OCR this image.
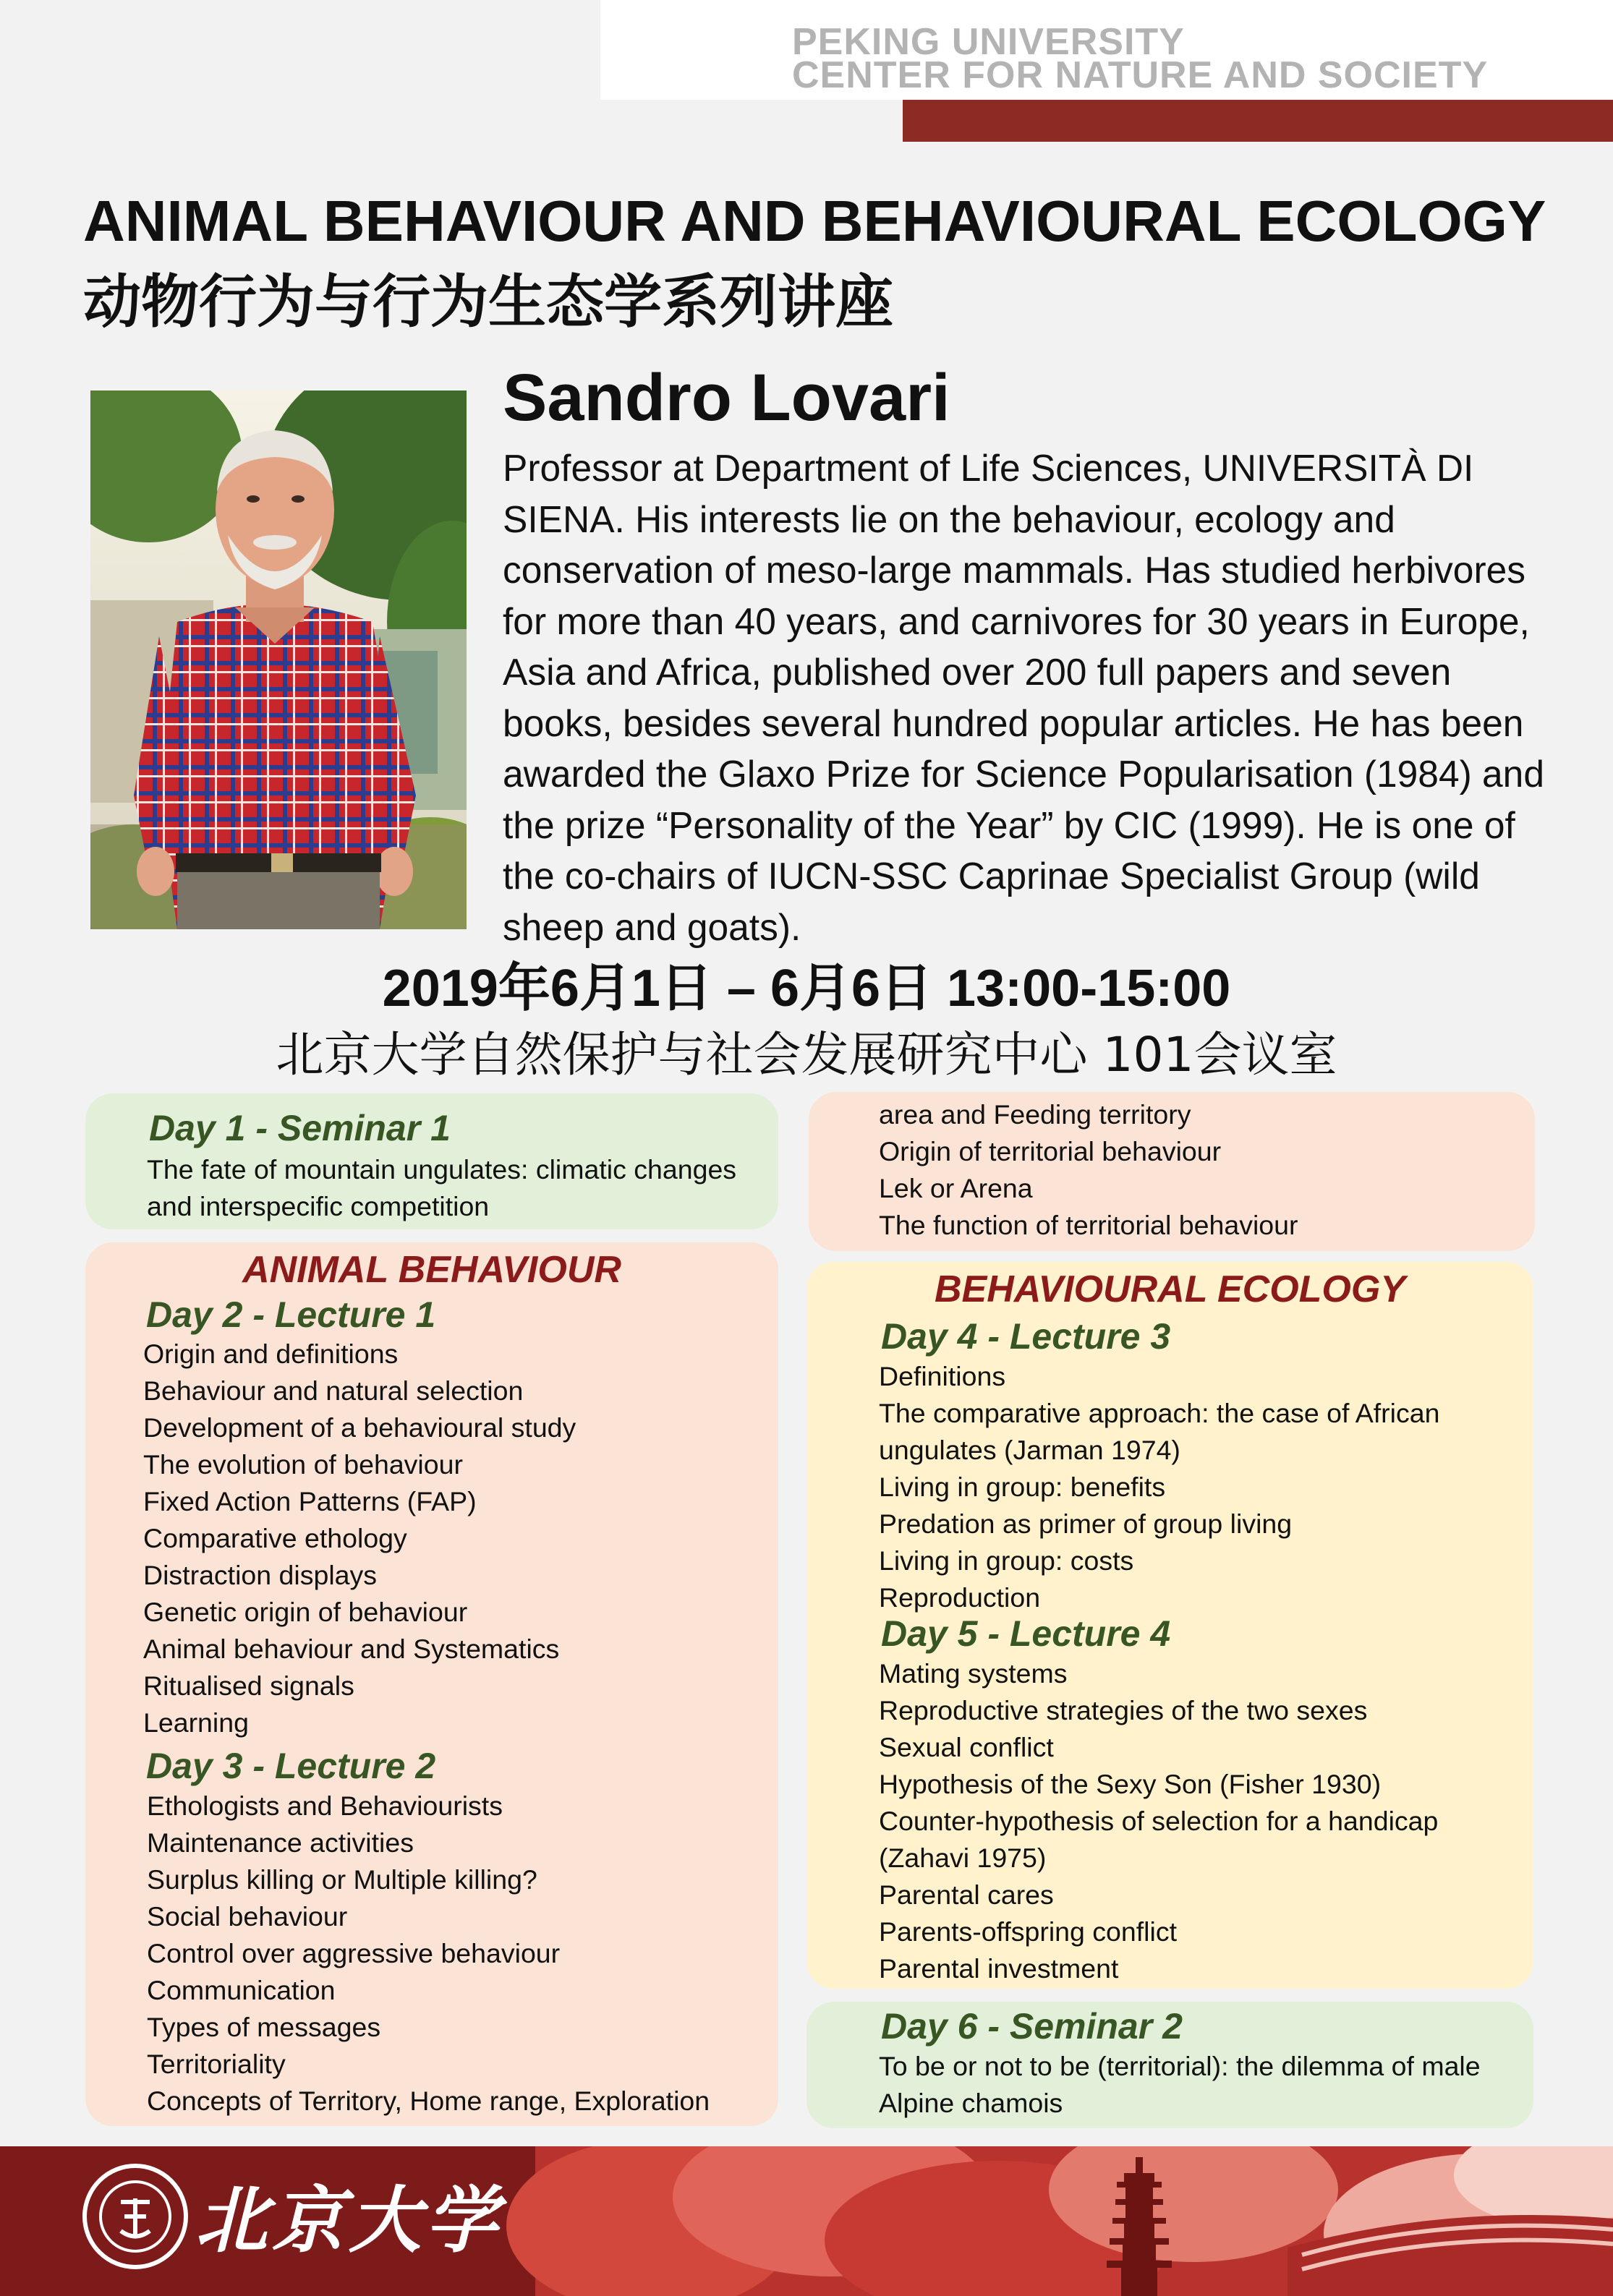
PEKING UNIVERSITY
CENTER FOR NATURE AND SOCIETY
ANIMAL BEHAVIOUR AND BEHAVIOURAL ECOLOGY
动物行为与行为生态学系列讲座
Sandro Lovari
Professor at Department of Life Sciences, UNIVERSITÀ DI SIENA. His interests lie on the behaviour, ecology and conservation of meso-large mammals. Has studied herbivores for more than 40 years, and carnivores for 30 years in Europe, Asia and Africa, published over 200 full papers and seven books, besides several hundred popular articles. He has been awarded the Glaxo Prize for Science Popularisation (1984) and the prize “Personality of the Year” by CIC (1999). He is one of the co-chairs of IUCN-SSC Caprinae Specialist Group (wild sheep and goats).
2019年6月1日 – 6月6日 13:00-15:00
北京大学自然保护与社会发展研究中心 101会议室
Day 1 - Seminar 1
The fate of mountain ungulates: climatic changes and interspecific competition
ANIMAL BEHAVIOUR
Day 2 - Lecture 1
Origin and definitions
Behaviour and natural selection
Development of a behavioural study
The evolution of behaviour
Fixed Action Patterns (FAP)
Comparative ethology
Distraction displays
Genetic origin of behaviour
Animal behaviour and Systematics
Ritualised signals
Learning
Day 3 - Lecture 2
Ethologists and Behaviourists
Maintenance activities
Surplus killing or Multiple killing?
Social behaviour
Control over aggressive behaviour
Communication
Types of messages
Territoriality
Concepts of Territory, Home range, Exploration
area and Feeding territory
Origin of territorial behaviour
Lek or Arena
The function of territorial behaviour
BEHAVIOURAL ECOLOGY
Day 4 - Lecture 3
Definitions
The comparative approach: the case of African
ungulates (Jarman 1974)
Living in group: benefits
Predation as primer of group living
Living in group: costs
Reproduction
Day 5 - Lecture 4
Mating systems
Reproductive strategies of the two sexes
Sexual conflict
Hypothesis of the Sexy Son (Fisher 1930)
Counter-hypothesis of selection for a handicap
(Zahavi 1975)
Parental cares
Parents-offspring conflict
Parental investment
Day 6 - Seminar 2
To be or not to be (territorial): the dilemma of male Alpine chamois
北京大学
